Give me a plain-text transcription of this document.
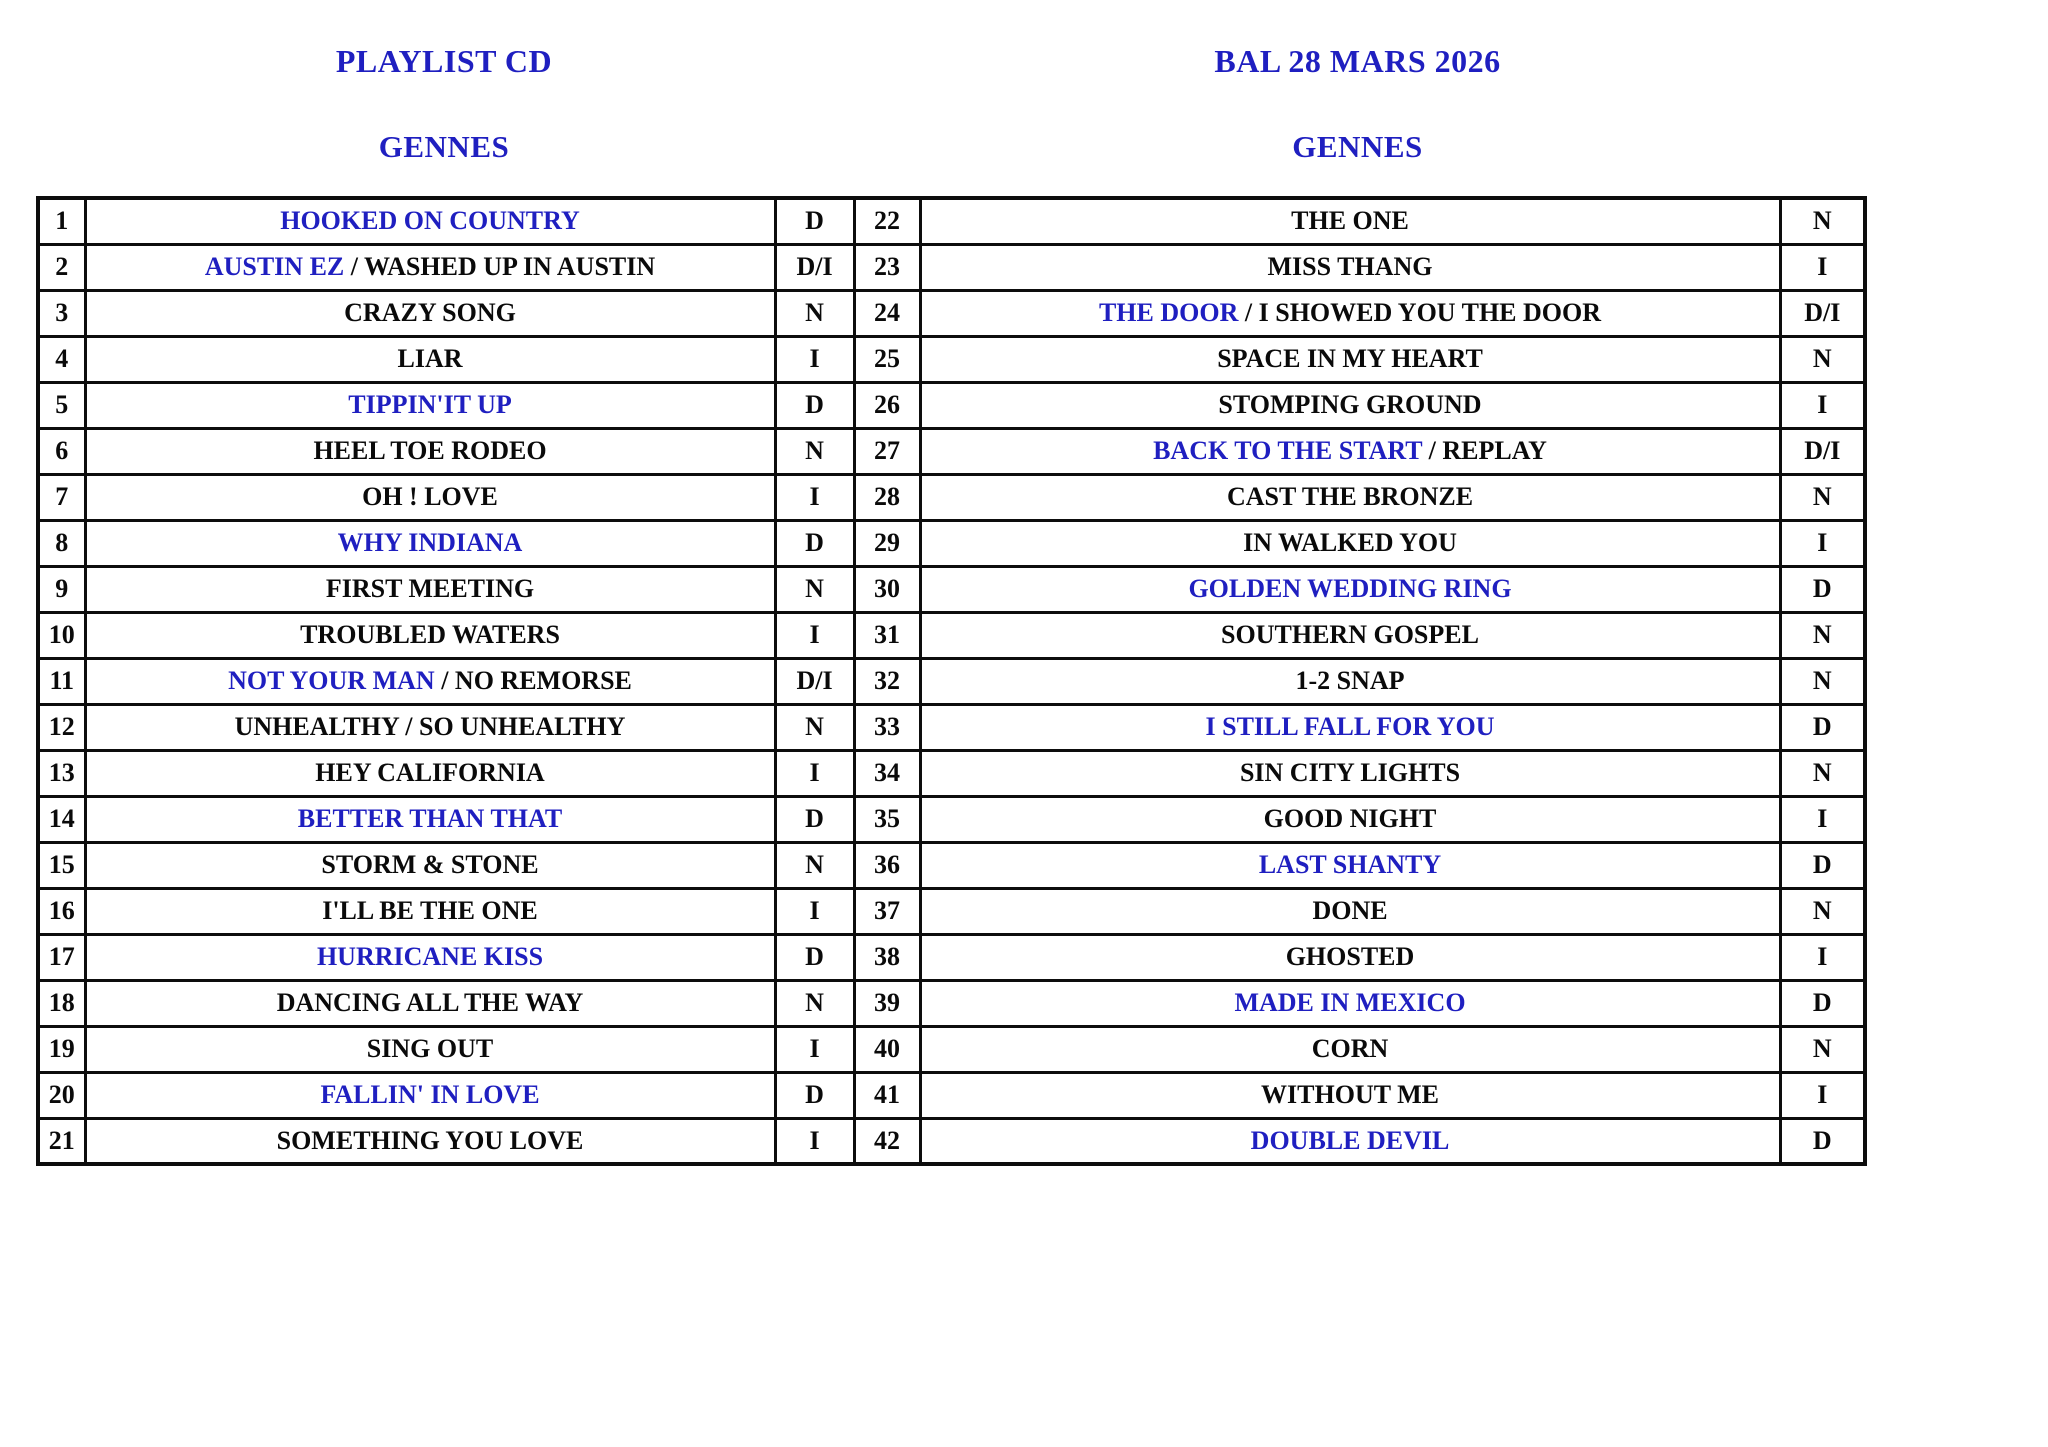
PLAYLIST CD
GENNES
BAL 28 MARS 2026
GENNES
1	HOOKED ON COUNTRY	D	22	THE ONE	N
2	AUSTIN EZ / WASHED UP IN AUSTIN	D/I	23	MISS THANG	I
3	CRAZY SONG	N	24	THE DOOR / I SHOWED YOU THE DOOR	D/I
4	LIAR	I	25	SPACE IN MY HEART	N
5	TIPPIN'IT UP	D	26	STOMPING GROUND	I
6	HEEL TOE RODEO	N	27	BACK TO THE START / REPLAY	D/I
7	OH ! LOVE	I	28	CAST THE BRONZE	N
8	WHY INDIANA	D	29	IN WALKED YOU	I
9	FIRST MEETING	N	30	GOLDEN WEDDING RING	D
10	TROUBLED WATERS	I	31	SOUTHERN GOSPEL	N
11	NOT YOUR MAN / NO REMORSE	D/I	32	1-2 SNAP	N
12	UNHEALTHY / SO UNHEALTHY	N	33	I STILL FALL FOR YOU	D
13	HEY CALIFORNIA	I	34	SIN CITY LIGHTS	N
14	BETTER THAN THAT	D	35	GOOD NIGHT	I
15	STORM & STONE	N	36	LAST SHANTY	D
16	I'LL BE THE ONE	I	37	DONE	N
17	HURRICANE KISS	D	38	GHOSTED	I
18	DANCING ALL THE WAY	N	39	MADE IN MEXICO	D
19	SING OUT	I	40	CORN	N
20	FALLIN' IN LOVE	D	41	WITHOUT ME	I
21	SOMETHING YOU LOVE	I	42	DOUBLE DEVIL	D
